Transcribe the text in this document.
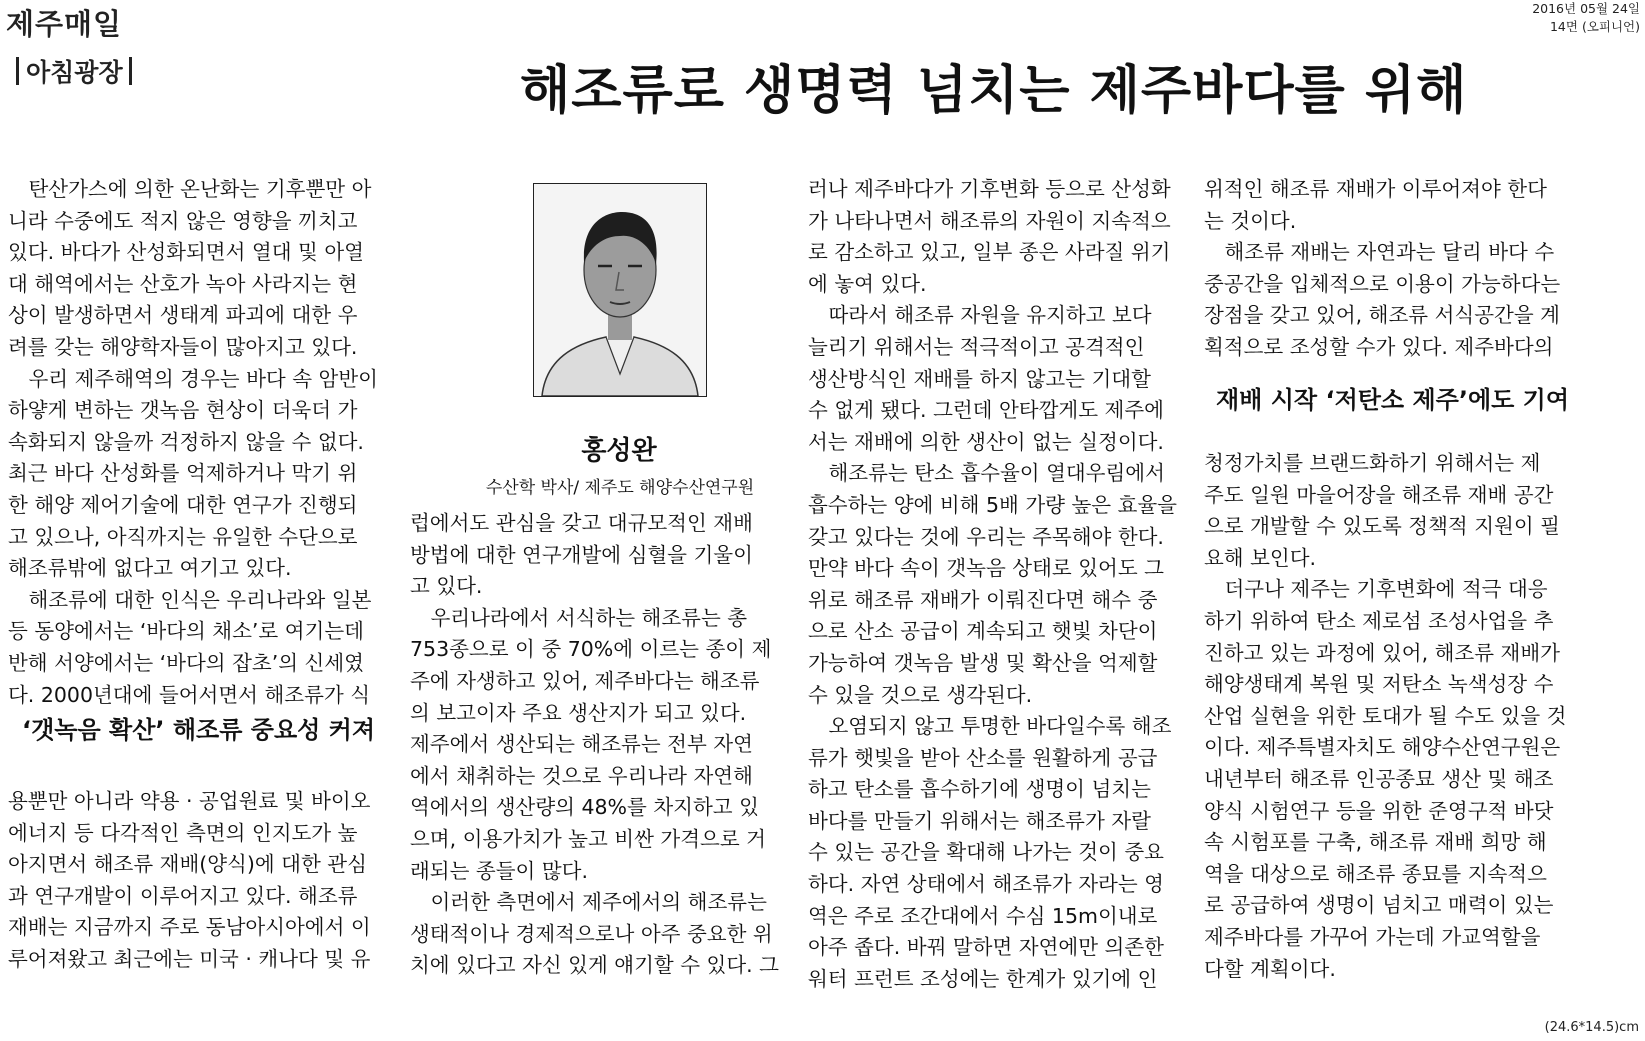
제주매일	2016년 05월 24일
14면 (오피니언)
아침광장	해조류로 생명력 넘치는 제주바다를 위해

　탄산가스에 의한 온난화는 기후뿐만 아

니라 수중에도 적지 않은 영향을 끼치고

있다. 바다가 산성화되면서 열대 및 아열

대 해역에서는 산호가 녹아 사라지는 현

상이 발생하면서 생태계 파괴에 대한 우

려를 갖는 해양학자들이 많아지고 있다.

　우리 제주해역의 경우는 바다 속 암반이

하얗게 변하는 갯녹음 현상이 더욱더 가

속화되지 않을까 걱정하지 않을 수 없다.

최근 바다 산성화를 억제하거나 막기 위

한 해양 제어기술에 대한 연구가 진행되

고 있으나, 아직까지는 유일한 수단으로

해조류밖에 없다고 여기고 있다.

　해조류에 대한 인식은 우리나라와 일본

등 동양에서는 ‘바다의 채소’로 여기는데

반해 서양에서는 ‘바다의 잡초’의 신세였

다. 2000년대에 들어서면서 해조류가 식

‘갯녹음 확산’ 해조류 중요성 커져

용뿐만 아니라 약용 · 공업원료 및 바이오

에너지 등 다각적인 측면의 인지도가 높

아지면서 해조류 재배(양식)에 대한 관심

과 연구개발이 이루어지고 있다. 해조류

재배는 지금까지 주로 동남아시아에서 이

루어져왔고 최근에는 미국 · 캐나다 및 유

홍성완
수산학 박사/ 제주도 해양수산연구원

럽에서도 관심을 갖고 대규모적인 재배

방법에 대한 연구개발에 심혈을 기울이

고 있다.

　우리나라에서 서식하는 해조류는 총

753종으로 이 중 70%에 이르는 종이 제

주에 자생하고 있어, 제주바다는 해조류

의 보고이자 주요 생산지가 되고 있다.

제주에서 생산되는 해조류는 전부 자연

에서 채취하는 것으로 우리나라 자연해

역에서의 생산량의 48%를 차지하고 있

으며, 이용가치가 높고 비싼 가격으로 거

래되는 종들이 많다.

　이러한 측면에서 제주에서의 해조류는

생태적이나 경제적으로나 아주 중요한 위

치에 있다고 자신 있게 얘기할 수 있다. 그

러나 제주바다가 기후변화 등으로 산성화

가 나타나면서 해조류의 자원이 지속적으

로 감소하고 있고, 일부 종은 사라질 위기

에 놓여 있다.

　따라서 해조류 자원을 유지하고 보다

늘리기 위해서는 적극적이고 공격적인

생산방식인 재배를 하지 않고는 기대할

수 없게 됐다. 그런데 안타깝게도 제주에

서는 재배에 의한 생산이 없는 실정이다.

　해조류는 탄소 흡수율이 열대우림에서

흡수하는 양에 비해 5배 가량 높은 효율을

갖고 있다는 것에 우리는 주목해야 한다.

만약 바다 속이 갯녹음 상태로 있어도 그

위로 해조류 재배가 이뤄진다면 해수 중

으로 산소 공급이 계속되고 햇빛 차단이

가능하여 갯녹음 발생 및 확산을 억제할

수 있을 것으로 생각된다.

　오염되지 않고 투명한 바다일수록 해조

류가 햇빛을 받아 산소를 원활하게 공급

하고 탄소를 흡수하기에 생명이 넘치는

바다를 만들기 위해서는 해조류가 자랄

수 있는 공간을 확대해 나가는 것이 중요

하다. 자연 상태에서 해조류가 자라는 영

역은 주로 조간대에서 수심 15m이내로

아주 좁다. 바꿔 말하면 자연에만 의존한

워터 프런트 조성에는 한계가 있기에 인

위적인 해조류 재배가 이루어져야 한다

는 것이다.

　해조류 재배는 자연과는 달리 바다 수

중공간을 입체적으로 이용이 가능하다는

장점을 갖고 있어, 해조류 서식공간을 계

획적으로 조성할 수가 있다. 제주바다의

재배 시작 ‘저탄소 제주’에도 기여

청정가치를 브랜드화하기 위해서는 제

주도 일원 마을어장을 해조류 재배 공간

으로 개발할 수 있도록 정책적 지원이 필

요해 보인다.

　더구나 제주는 기후변화에 적극 대응

하기 위하여 탄소 제로섬 조성사업을 추

진하고 있는 과정에 있어, 해조류 재배가

해양생태계 복원 및 저탄소 녹색성장 수

산업 실현을 위한 토대가 될 수도 있을 것

이다. 제주특별자치도 해양수산연구원은

내년부터 해조류 인공종묘 생산 및 해조

양식 시험연구 등을 위한 준영구적 바닷

속 시험포를 구축, 해조류 재배 희망 해

역을 대상으로 해조류 종묘를 지속적으

로 공급하여 생명이 넘치고 매력이 있는

제주바다를 가꾸어 가는데 가교역할을

다할 계획이다.

(24.6*14.5)cm
